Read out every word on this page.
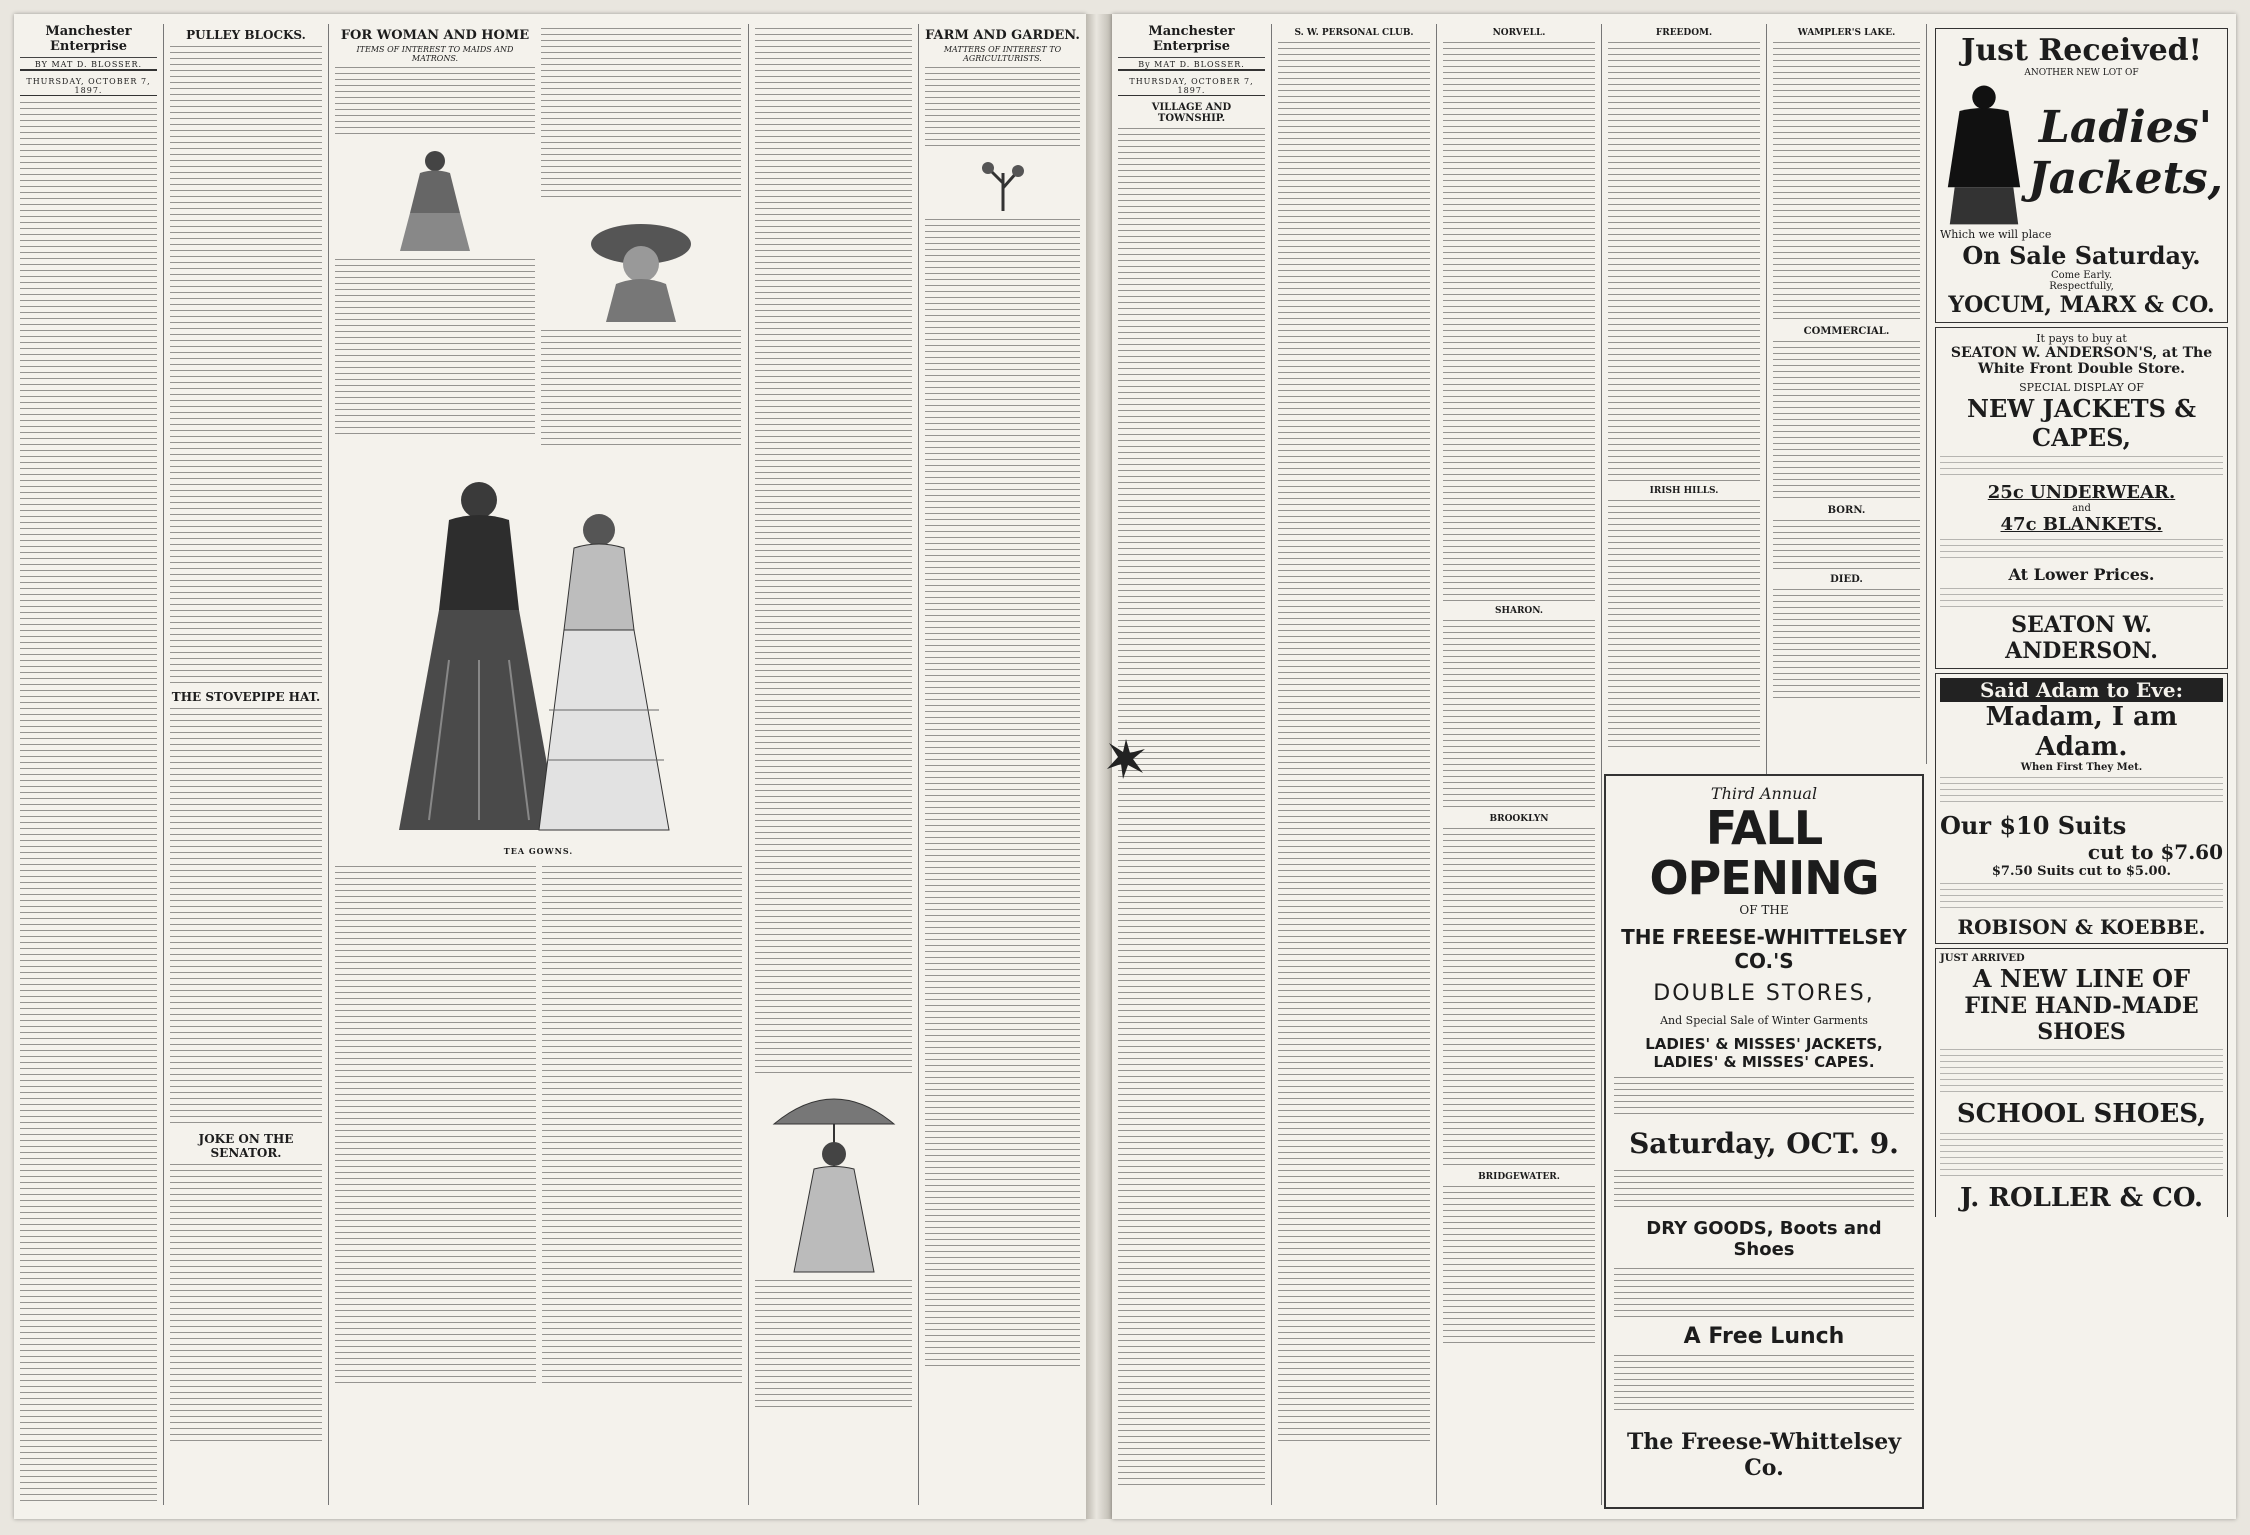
Manchester Enterprise
BY MAT D. BLOSSER.
THURSDAY, OCTOBER 7, 1897.
PULLEY BLOCKS.
THE STOVEPIPE HAT.
JOKE ON THE SENATOR.
FOR WOMAN AND HOME
ITEMS OF INTEREST TO MAIDS AND MATRONS.
TEA GOWNS.
FARM AND GARDEN.
MATTERS OF INTEREST TO AGRICULTURISTS.
Manchester Enterprise
By MAT D. BLOSSER.
THURSDAY, OCTOBER 7, 1897.
VILLAGE AND TOWNSHIP.
S. W. PERSONAL CLUB.	NORVELL.
SHARON.
BROOKLYN
BRIDGEWATER.
FREEDOM.
IRISH HILLS.
WAMPLER'S LAKE.
COMMERCIAL.
BORN.
DIED.
Third Annual
FALL OPENING
OF THE
THE FREESE-WHITTELSEY CO.'S
DOUBLE STORES,
And Special Sale of Winter Garments
LADIES' & MISSES' JACKETS, LADIES' & MISSES' CAPES.
Saturday, OCT. 9.
DRY GOODS, Boots and Shoes
A Free Lunch
The Freese-Whittelsey Co.
Just Received!
ANOTHER NEW LOT OF
Ladies'
Jackets,
Which we will place
On Sale Saturday.
Come Early.
Respectfully,
YOCUM, MARX & CO.
It pays to buy at
SEATON W. ANDERSON'S, at The White Front Double Store.
SPECIAL DISPLAY OF
NEW JACKETS & CAPES,
25c UNDERWEAR.
and
47c BLANKETS.
At Lower Prices.
SEATON W. ANDERSON.
Said Adam to Eve:
Madam, I am Adam.
When First They Met.
Our $10 Suits
cut to $7.60
$7.50 Suits cut to $5.00.
ROBISON & KOEBBE.
JUST ARRIVED
A NEW LINE OF
FINE HAND-MADE SHOES
SCHOOL SHOES,
J. ROLLER & CO.
